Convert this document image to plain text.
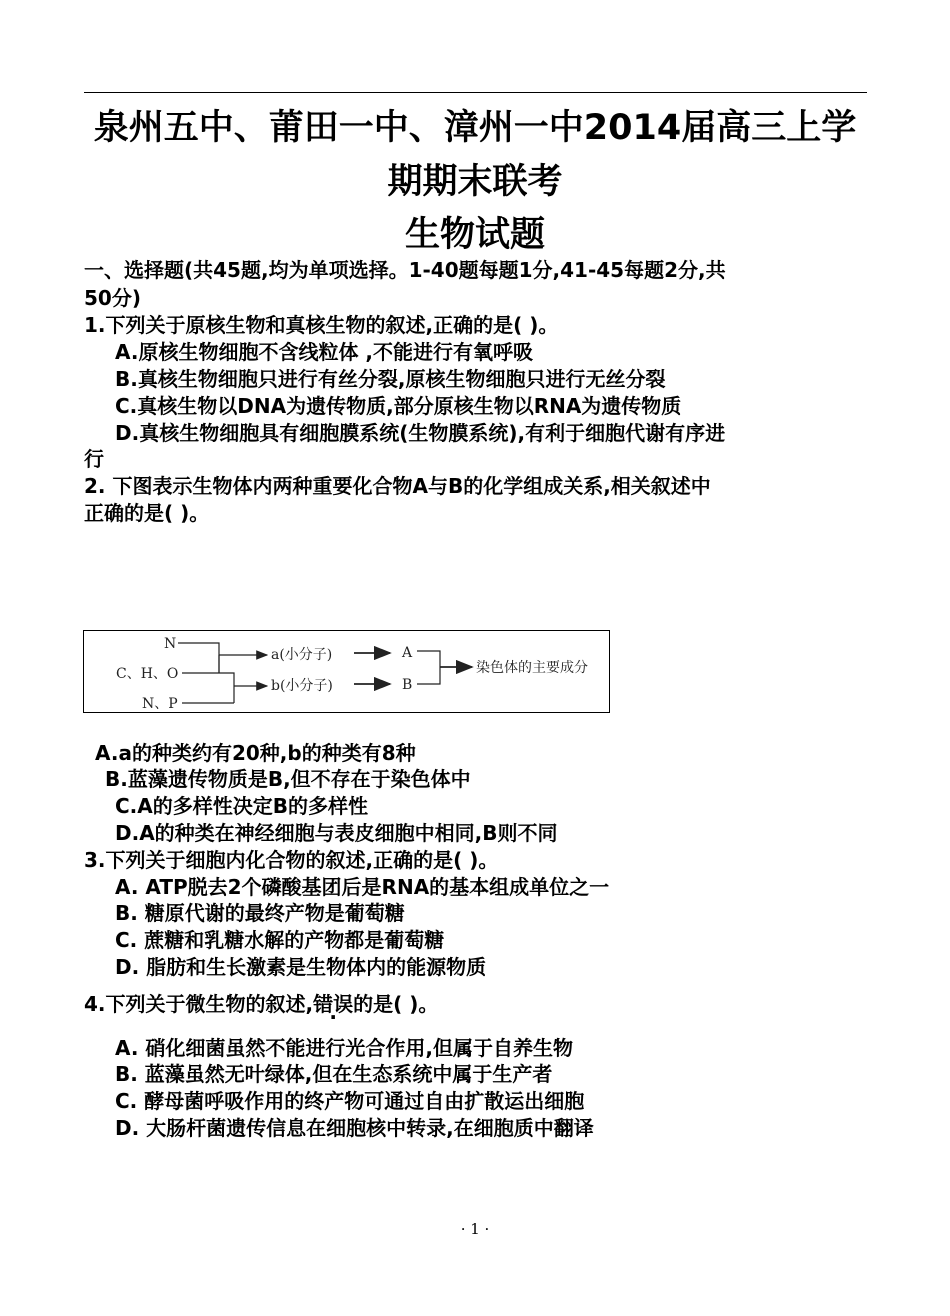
泉州五中、莆田一中、漳州一中2014届高三上学
期期末联考
生物试题
一、选择题(共45题,均为单项选择。1-40题每题1分,41-45每题2分,共
50分)
1.下列关于原核生物和真核生物的叙述,正确的是( )。
A.原核生物细胞不含线粒体 ,不能进行有氧呼吸
B.真核生物细胞只进行有丝分裂,原核生物细胞只进行无丝分裂
C.真核生物以DNA为遗传物质,部分原核生物以RNA为遗传物质
D.真核生物细胞具有细胞膜系统(生物膜系统),有利于细胞代谢有序进
行
2. 下图表示生物体内两种重要化合物A与B的化学组成关系,相关叙述中
正确的是( )。
N
C、H、O
N、P
a(小分子)
b(小分子)
A
B
染色体的主要成分
A.a的种类约有20种,b的种类有8种
B.蓝藻遗传物质是B,但不存在于染色体中
C.A的多样性决定B的多样性
D.A的种类在神经细胞与表皮细胞中相同,B则不同
3.下列关于细胞内化合物的叙述,正确的是( )。
A. ATP脱去2个磷酸基团后是RNA的基本组成单位之一
B. 糖原代谢的最终产物是葡萄糖
C. 蔗糖和乳糖水解的产物都是葡萄糖
D. 脂肪和生长激素是生物体内的能源物质
4.下列关于微生物的叙述,错误的是( )。
A. 硝化细菌虽然不能进行光合作用,但属于自养生物
B. 蓝藻虽然无叶绿体,但在生态系统中属于生产者
C. 酵母菌呼吸作用的终产物可通过自由扩散运出细胞
D. 大肠杆菌遗传信息在细胞核中转录,在细胞质中翻译
· 1 ·
